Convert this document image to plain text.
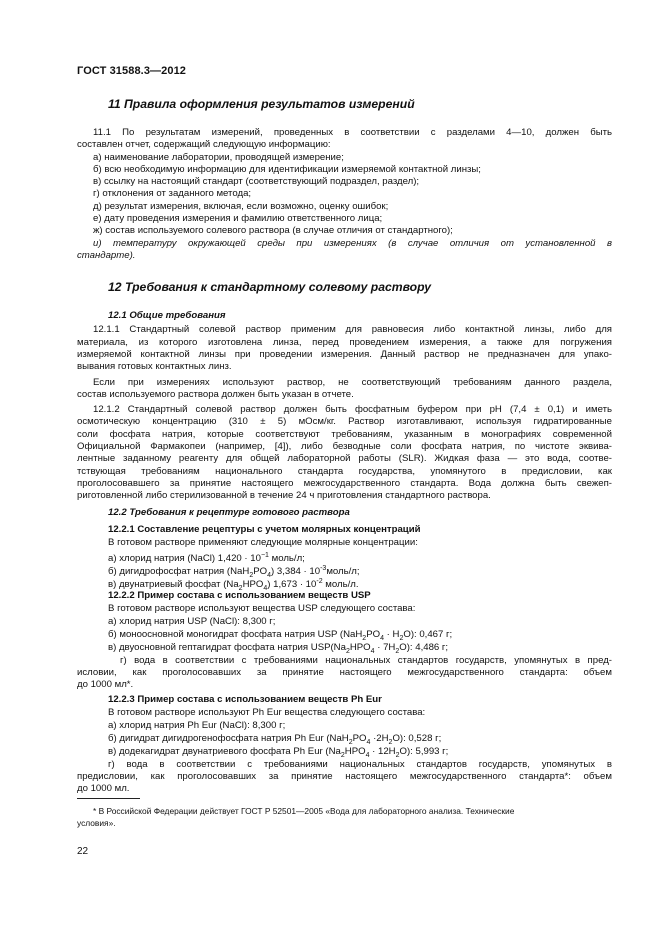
ГОСТ 31588.3—2012
11 Правила оформления результатов измерений
11.1 По результатам измерений, проведенных в соответствии с разделами 4—10, должен быть
составлен отчет, содержащий следующую информацию:
а) наименование лаборатории, проводящей измерение;
б) всю необходимую информацию для идентификации измеряемой контактной линзы;
в) ссылку на настоящий стандарт (соответствующий подраздел, раздел);
г) отклонения от заданного метода;
д) результат измерения, включая, если возможно, оценку ошибок;
е) дату проведения измерения и фамилию ответственного лица;
ж) состав используемого солевого раствора (в случае отличия от стандартного);
и) температуру окружающей среды при измерениях (в случае отличия от установленной в
стандарте).
12 Требования к стандартному солевому раствору
12.1 Общие требования
12.1.1 Стандартный солевой раствор применим для равновесия либо контактной линзы, либо для
материала, из которого изготовлена линза, перед проведением измерения, а также для погружения
измеряемой контактной линзы при проведении измерения. Данный раствор не предназначен для упако-
вывания готовых контактных линз.
Если при измерениях используют раствор, не соответствующий требованиям данного раздела,
состав используемого раствора должен быть указан в отчете.
12.1.2 Стандартный солевой раствор должен быть фосфатным буфером при pH (7,4 ± 0,1) и иметь
осмотическую концентрацию (310 ± 5) мОсм/кг. Раствор изготавливают, используя гидратированные
соли фосфата натрия, которые соответствуют требованиям, указанным в монографиях современной
Официальной Фармакопеи (например, [4]), либо безводные соли фосфата натрия, по чистоте эквива-
лентные заданному реагенту для общей лабораторной работы (SLR). Жидкая фаза — это вода, соотве-
тствующая требованиям национального стандарта государства, упомянутого в предисловии, как
проголосовавшего за принятие настоящего межгосударственного стандарта. Вода должна быть свежеп-
риготовленной либо стерилизованной в течение 24 ч приготовления стандартного раствора.
12.2 Требования к рецептуре готового раствора
12.2.1 Составление рецептуры с учетом молярных концентраций
В готовом растворе применяют следующие молярные концентрации:
а) хлорид натрия (NaCl) $1,420 \cdot 10^{-1}$ моль/л;
б) дигидрофосфат натрия $(NaH_2PO_4) 3,384$ · $10^{-3}моль/л$;
в) двунатриевый фосфат $(Na_2HPO_4) 1,673 \cdot 10^{-2}$ моль/л.
12.2.2 Пример состава с использованием веществ USP
В готовом растворе используют вещества USP следующего состава:
а) хлорид натрия USP (NaCl): 8,300 г;
б) моноосновной моногидрат фосфата натрия USP $(NaH_2PO_4 \cdot H_2O)$: 0,467 г;
в) двуосновной гептагидрат фосфата натрия $USP(Na_2HPO_4 \cdot 7H_2O)$: 4,486 г;
г) вода в соответствии с требованиями национальных стандартов государств, упомянутых в пред-
исловии, как проголосовавших за принятие настоящего межгосударственного стандарта: объем
до 1000 мл*.
12.2.3 Пример состава с использованием веществ Ph Eur
В готовом растворе используют Ph Eur вещества следующего состава:
а) хлорид натрия Ph Eur (NaCl): 8,300 г;
б) дигидрат дигидрогенофосфата натрия Ph Eur $(NaH_2PO_4 \cdot 2H_2O)$: 0,528 г;
в) додекагидрат двунатриевого фосфата Ph Eur $(Na_2HPO_4 \cdot 12H_2O)$: 5,993 г;
г) вода в соответствии с требованиями национальных стандартов государств, упомянутых в
предисловии, как проголосовавших за принятие настоящего межгосударственного стандарта*: объем
до 1000 мл.
* В Российской Федерации действует ГОСТ Р 52501—2005 «Вода для лабораторного анализа. Технические
условия».
22
